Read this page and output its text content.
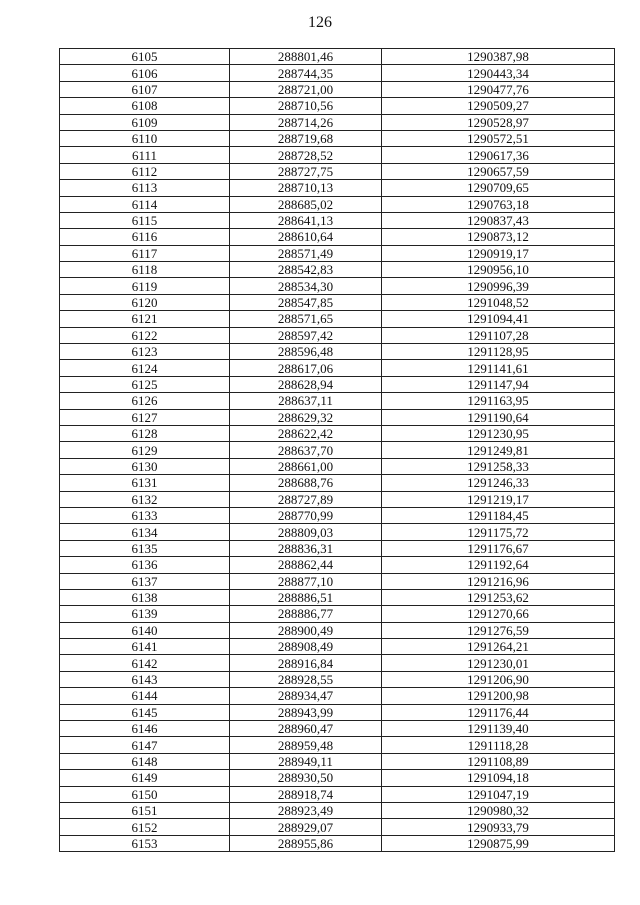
126
6105	288801,46	1290387,98
6106	288744,35	1290443,34
6107	288721,00	1290477,76
6108	288710,56	1290509,27
6109	288714,26	1290528,97
6110	288719,68	1290572,51
6111	288728,52	1290617,36
6112	288727,75	1290657,59
6113	288710,13	1290709,65
6114	288685,02	1290763,18
6115	288641,13	1290837,43
6116	288610,64	1290873,12
6117	288571,49	1290919,17
6118	288542,83	1290956,10
6119	288534,30	1290996,39
6120	288547,85	1291048,52
6121	288571,65	1291094,41
6122	288597,42	1291107,28
6123	288596,48	1291128,95
6124	288617,06	1291141,61
6125	288628,94	1291147,94
6126	288637,11	1291163,95
6127	288629,32	1291190,64
6128	288622,42	1291230,95
6129	288637,70	1291249,81
6130	288661,00	1291258,33
6131	288688,76	1291246,33
6132	288727,89	1291219,17
6133	288770,99	1291184,45
6134	288809,03	1291175,72
6135	288836,31	1291176,67
6136	288862,44	1291192,64
6137	288877,10	1291216,96
6138	288886,51	1291253,62
6139	288886,77	1291270,66
6140	288900,49	1291276,59
6141	288908,49	1291264,21
6142	288916,84	1291230,01
6143	288928,55	1291206,90
6144	288934,47	1291200,98
6145	288943,99	1291176,44
6146	288960,47	1291139,40
6147	288959,48	1291118,28
6148	288949,11	1291108,89
6149	288930,50	1291094,18
6150	288918,74	1291047,19
6151	288923,49	1290980,32
6152	288929,07	1290933,79
6153	288955,86	1290875,99
